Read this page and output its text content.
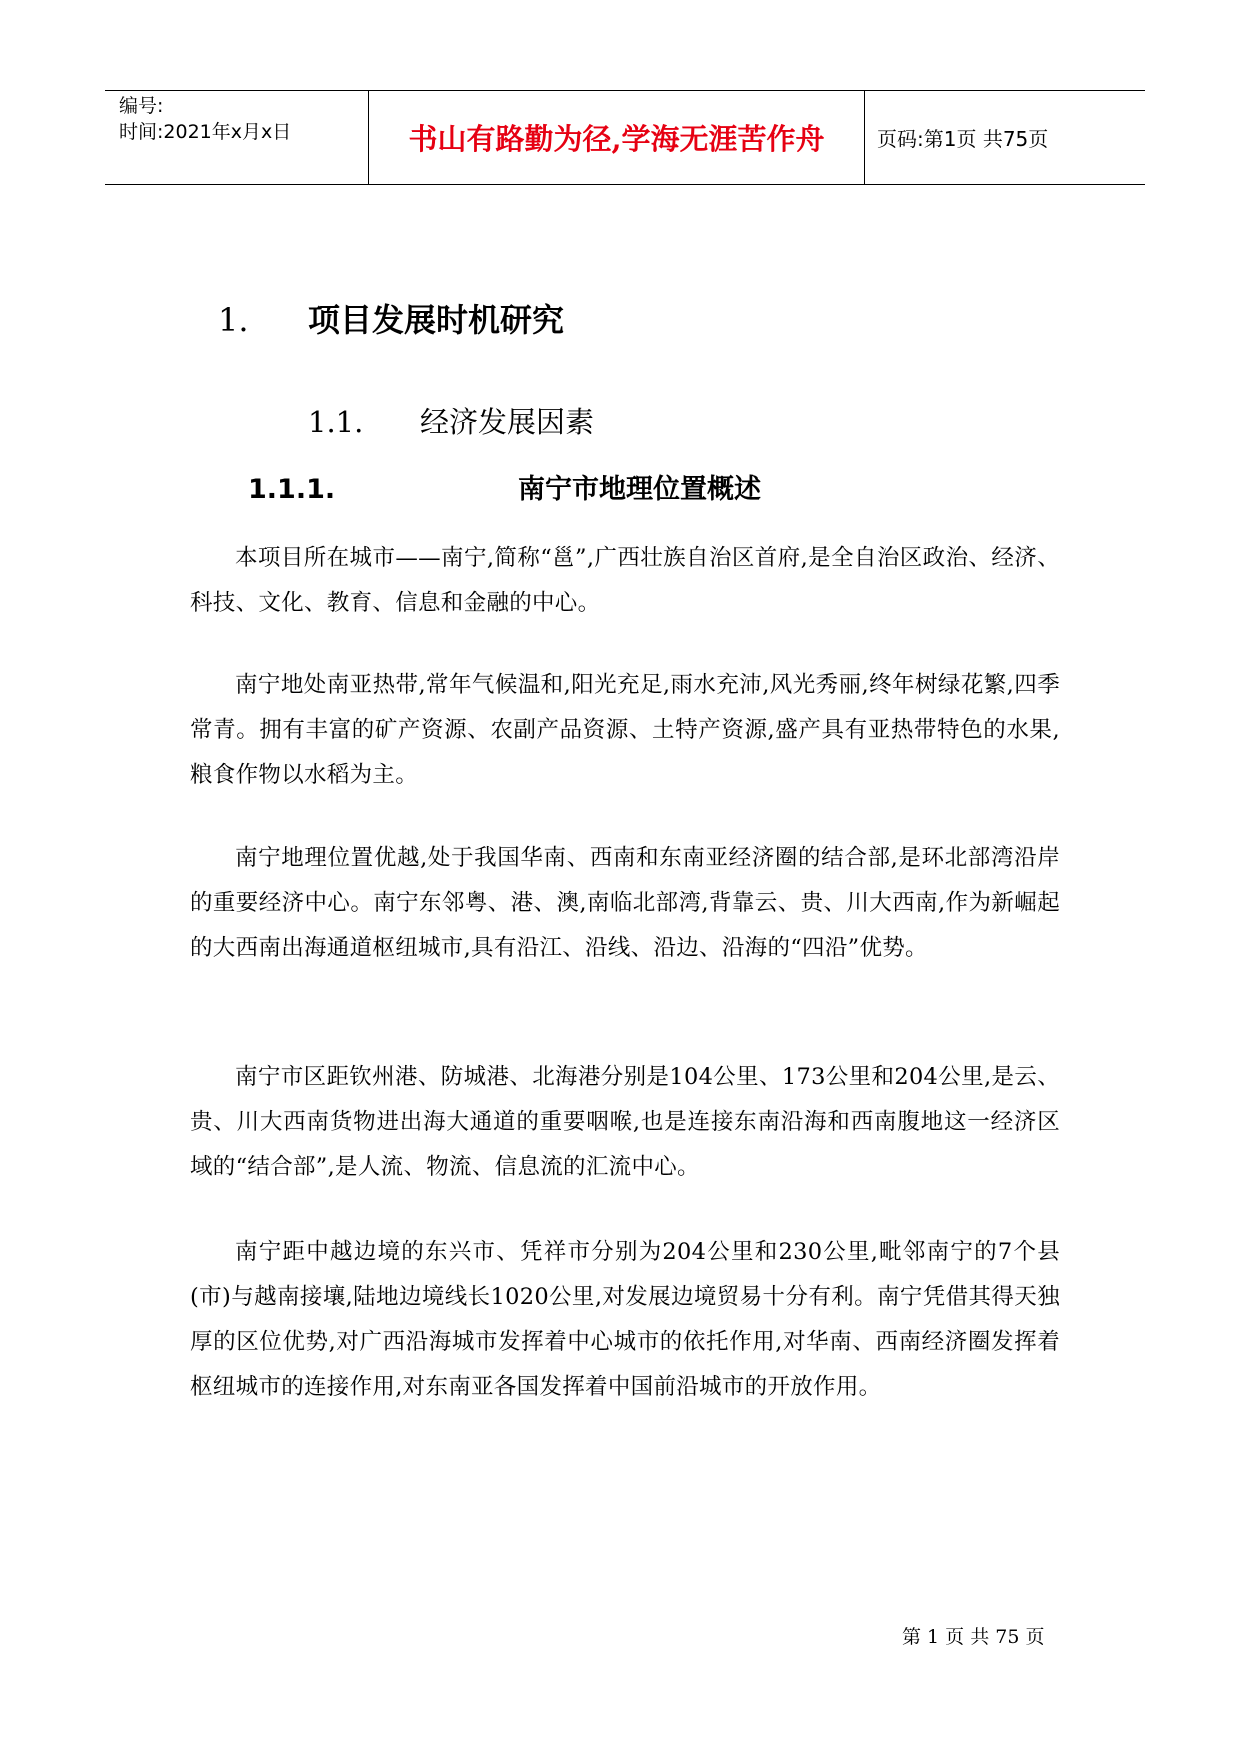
编号:
时间:2021年x月x日	书山有路勤为径,学海无涯苦作舟	页码:第1页 共75页
1. 项目发展时机研究
1.1. 经济发展因素
1.1.1.	南宁市地理位置概述

本项目所在城市——南宁,简称“邕”,广西壮族自治区首府,是全自治区政治、经济、科技、文化、教育、信息和金融的中心。

南宁地处南亚热带,常年气候温和,阳光充足,雨水充沛,风光秀丽,终年树绿花繁,四季常青。拥有丰富的矿产资源、农副产品资源、土特产资源,盛产具有亚热带特色的水果,粮食作物以水稻为主。

南宁地理位置优越,处于我国华南、西南和东南亚经济圈的结合部,是环北部湾沿岸的重要经济中心。南宁东邻粤、港、澳,南临北部湾,背靠云、贵、川大西南,作为新崛起的大西南出海通道枢纽城市,具有沿江、沿线、沿边、沿海的“四沿”优势。

南宁市区距钦州港、防城港、北海港分别是104公里、173公里和204公里,是云、贵、川大西南货物进出海大通道的重要咽喉,也是连接东南沿海和西南腹地这一经济区域的“结合部”,是人流、物流、信息流的汇流中心。

南宁距中越边境的东兴市、凭祥市分别为204公里和230公里,毗邻南宁的7个县(市)与越南接壤,陆地边境线长1020公里,对发展边境贸易十分有利。南宁凭借其得天独厚的区位优势,对广西沿海城市发挥着中心城市的依托作用,对华南、西南经济圈发挥着枢纽城市的连接作用,对东南亚各国发挥着中国前沿城市的开放作用。

第 1 页 共 75 页
